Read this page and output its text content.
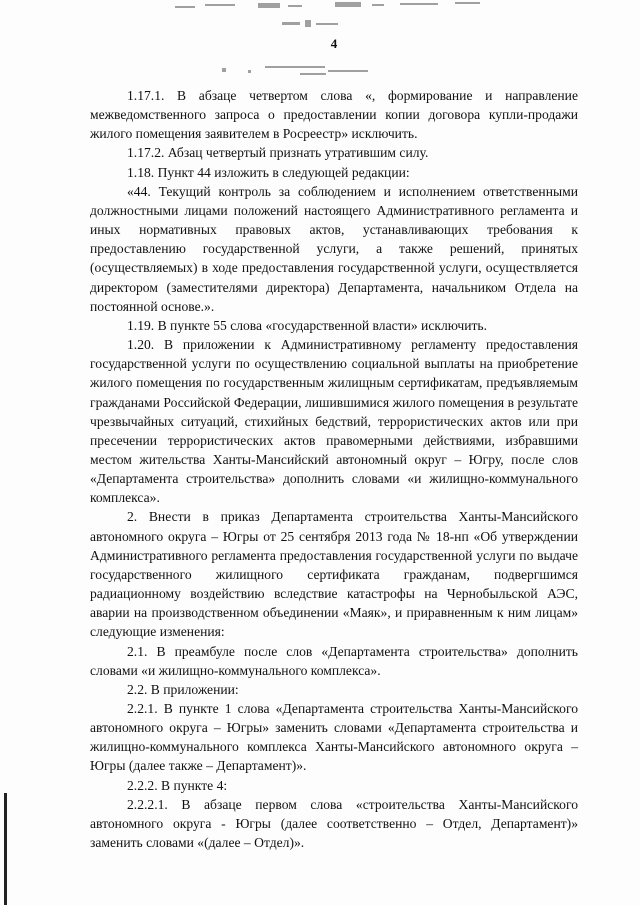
4

1.17.1. В абзаце четвертом слова «, формирование и направление межведомственного запроса о предоставлении копии договора купли-продажи жилого помещения заявителем в Росреестр» исключить.

1.17.2. Абзац четвертый признать утратившим силу.

1.18. Пункт 44 изложить в следующей редакции:

«44. Текущий контроль за соблюдением и исполнением ответственными должностными лицами положений настоящего Административного регламента и иных нормативных правовых актов, устанавливающих требования к предоставлению государственной услуги, а также решений, принятых (осуществляемых) в ходе предоставления государственной услуги, осуществляется директором (заместителями директора) Департамента, начальником Отдела на постоянной основе.».

1.19. В пункте 55 слова «государственной власти» исключить.

1.20. В приложении к Административному регламенту предоставления государственной услуги по осуществлению социальной выплаты на приобретение жилого помещения по государственным жилищным сертификатам, предъявляемым гражданами Российской Федерации, лишившимися жилого помещения в результате чрезвычайных ситуаций, стихийных бедствий, террористических актов или при пресечении террористических актов правомерными действиями, избравшими местом жительства Ханты-Мансийский автономный округ – Югру, после слов «Департамента строительства» дополнить словами «и жилищно-коммунального комплекса».

2. Внести в приказ Департамента строительства Ханты-Мансийского автономного округа – Югры от 25 сентября 2013 года № 18-нп «Об утверждении Административного регламента предоставления государственной услуги по выдаче государственного жилищного сертификата гражданам, подвергшимся радиационному воздействию вследствие катастрофы на Чернобыльской АЭС, аварии на производственном объединении «Маяк», и приравненным к ним лицам» следующие изменения:

2.1. В преамбуле после слов «Департамента строительства» дополнить словами «и жилищно-коммунального комплекса».

2.2. В приложении:

2.2.1. В пункте 1 слова «Департамента строительства Ханты-Мансийского автономного округа – Югры» заменить словами «Департамента строительства и жилищно-коммунального комплекса Ханты-Мансийского автономного округа – Югры (далее также – Департамент)».

2.2.2. В пункте 4:

2.2.2.1. В абзаце первом слова «строительства Ханты-Мансийского автономного округа - Югры (далее соответственно – Отдел, Департамент)» заменить словами «(далее – Отдел)».
